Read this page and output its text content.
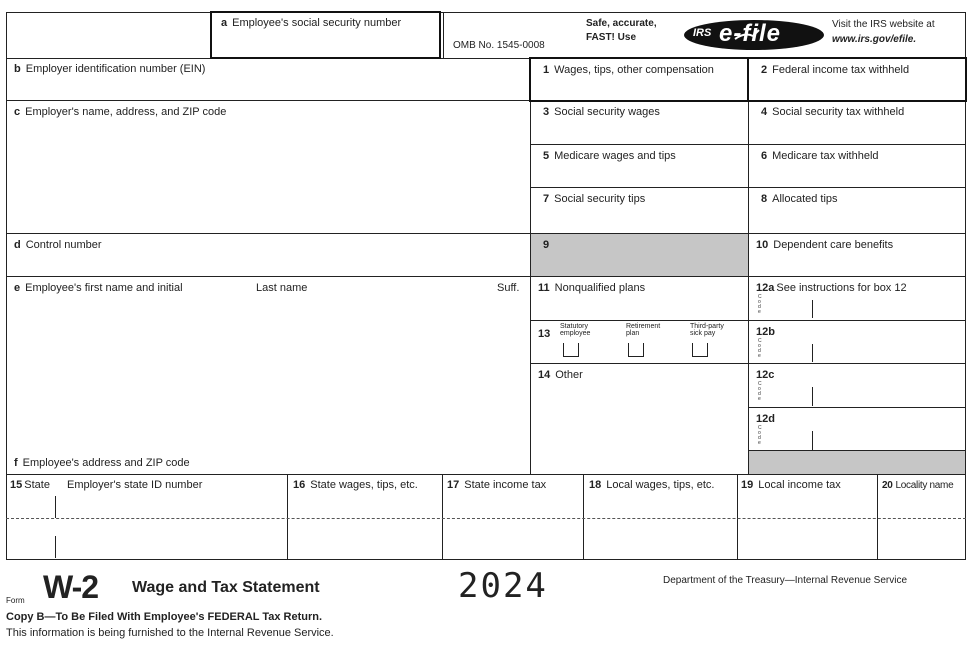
a Employee's social security number
OMB No. 1545-0008
Safe, accurate,
FAST! Use	IRS e-file	Visit the IRS website at
www.irs.gov/efile.
b Employer identification number (EIN)
c Employer's name, address, and ZIP code
d Control number
e Employee's first name and initial	Last name	Suff.
f Employee's address and ZIP code
1 Wages, tips, other compensation
3 Social security wages
5 Medicare wages and tips
7 Social security tips
9
11 Nonqualified plans
13
Statutory employee
Retirement plan
Third-party sick pay
14 Other
2 Federal income tax withheld
4 Social security tax withheld
6 Medicare tax withheld
8 Allocated tips
10 Dependent care benefits
12a See instructions for box 12
Code
12b
Code
12c
Code
12d
Code
15 State Employer's state ID number	16 State wages, tips, etc.	17 State income tax	18 Local wages, tips, etc. 19 Local income tax	20 Locality name
Form W-2 Wage and Tax Statement	2024	Department of the Treasury—Internal Revenue Service
Copy B—To Be Filed With Employee's FEDERAL Tax Return.
This information is being furnished to the Internal Revenue Service.
